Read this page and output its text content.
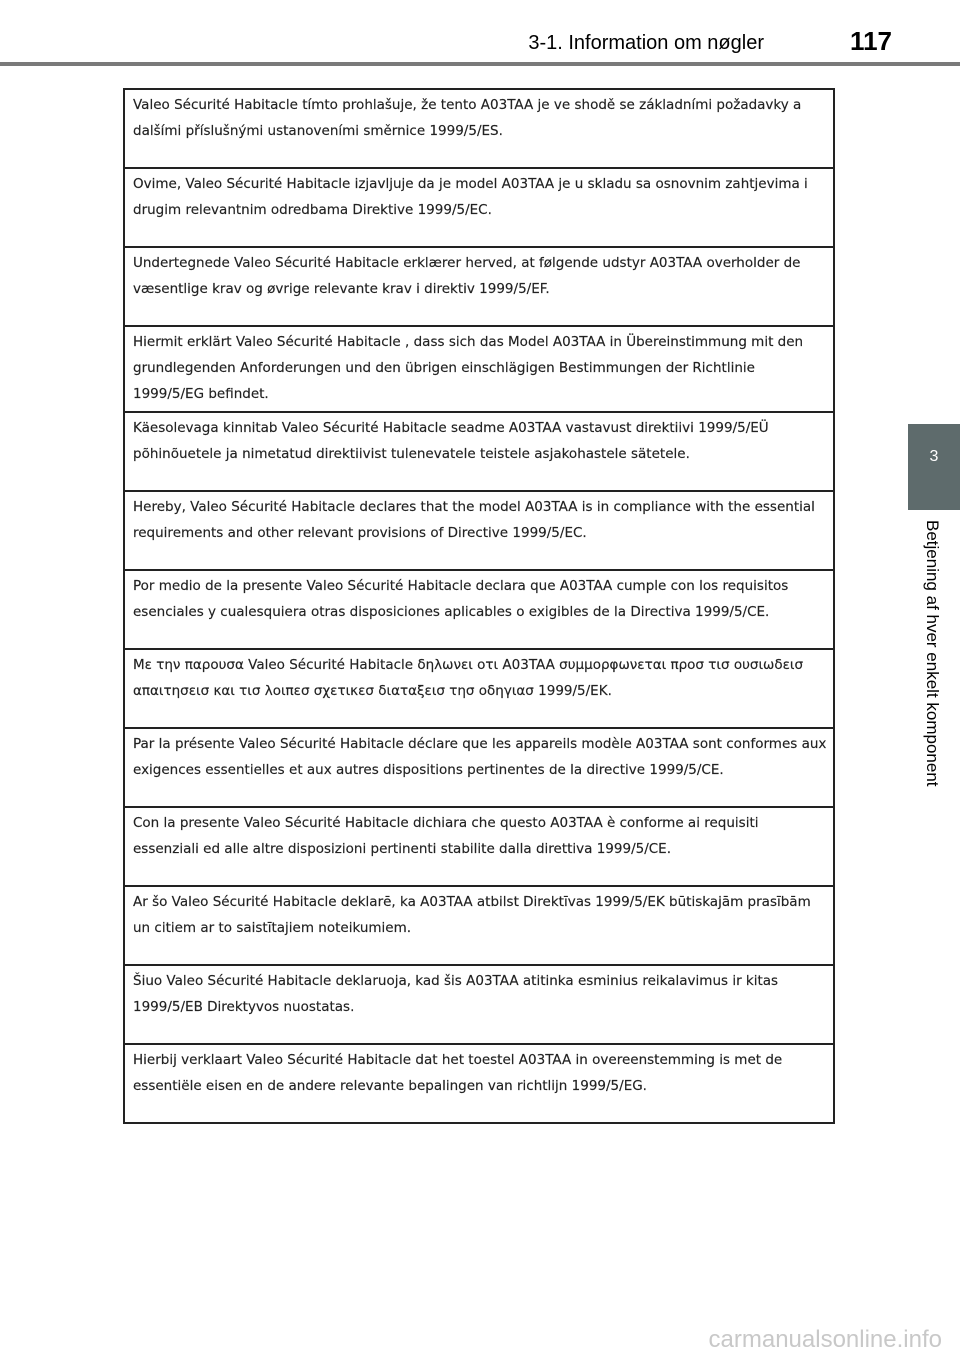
3-1. Information om nøgler	117
3
Betjening af hver enkelt komponent
Valeo Sécurité Habitacle tímto prohlašuje, že tento A03TAA je ve shodě se základními požadavky a dalšími příslušnými ustanoveními směrnice 1999/5/ES.
Ovime, Valeo Sécurité Habitacle izjavljuje da je model A03TAA je u skladu sa osnovnim zahtjevima i drugim relevantnim odredbama Direktive 1999/5/EC.
Undertegnede Valeo Sécurité Habitacle erklærer herved, at følgende udstyr A03TAA overholder de væsentlige krav og øvrige relevante krav i direktiv 1999/5/EF.
Hiermit erklärt Valeo Sécurité Habitacle , dass sich das Model A03TAA in Übereinstimmung mit den grundlegenden Anforderungen und den übrigen einschlägigen Bestimmungen der Richtlinie 1999/5/EG befindet.
Käesolevaga kinnitab Valeo Sécurité Habitacle seadme A03TAA vastavust direktiivi 1999/5/EÜ põhinõuetele ja nimetatud direktiivist tulenevatele teistele asjakohastele sätetele.
Hereby, Valeo Sécurité Habitacle declares that the model A03TAA is in compliance with the essential requirements and other relevant provisions of Directive 1999/5/EC.
Por medio de la presente Valeo Sécurité Habitacle declara que A03TAA cumple con los requisitos esenciales y cualesquiera otras disposiciones aplicables o exigibles de la Directiva 1999/5/CE.
Με την παρουσα Valeo Sécurité Habitacle δηλωνει οτι A03TAA συμμορφωνεται προσ τισ ουσιωδεισ απαιτησεισ και τισ λοιπεσ σχετικεσ διαταξεισ τησ οδηγιασ 1999/5/ΕΚ.
Par la présente Valeo Sécurité Habitacle déclare que les appareils modèle A03TAA sont conformes aux exigences essentielles et aux autres dispositions pertinentes de la directive 1999/5/CE.
Con la presente Valeo Sécurité Habitacle dichiara che questo A03TAA è conforme ai requisiti essenziali ed alle altre disposizioni pertinenti stabilite dalla direttiva 1999/5/CE.
Ar šo Valeo Sécurité Habitacle deklarē, ka A03TAA atbilst Direktīvas 1999/5/EK būtiskajām prasībām un citiem ar to saistītajiem noteikumiem.
Šiuo Valeo Sécurité Habitacle deklaruoja, kad šis A03TAA atitinka esminius reikalavimus ir kitas 1999/5/EB Direktyvos nuostatas.
Hierbij verklaart Valeo Sécurité Habitacle dat het toestel A03TAA in overeenstemming is met de essentiële eisen en de andere relevante bepalingen van richtlijn 1999/5/EG.
carmanualsonline.info
